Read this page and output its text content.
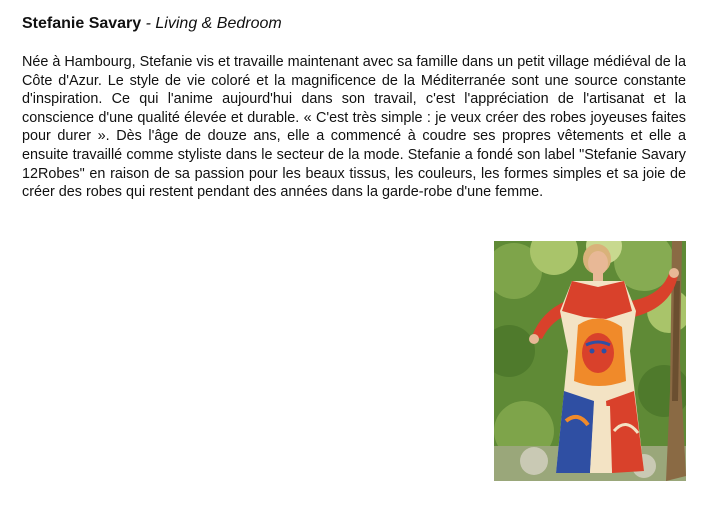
Stefanie Savary - Living & Bedroom

Née à Hambourg, Stefanie vis et travaille maintenant avec sa famille dans un petit village médiéval de la Côte d'Azur. Le style de vie coloré et la magnificence de la Méditerranée sont une source constante d'inspiration. Ce qui l'anime aujourd'hui dans son travail, c'est l'appréciation de l'artisanat et la conscience d'une qualité élevée et durable. « C'est très simple : je veux créer des robes joyeuses faites pour durer ». Dès l'âge de douze ans, elle a commencé à coudre ses propres vêtements et elle a ensuite travaillé comme styliste dans le secteur de la mode. Stefanie a fondé son label "Stefanie Savary 12Robes" en raison de sa passion pour les beaux tissus, les couleurs, les formes simples et sa joie de créer des robes qui restent pendant des années dans la garde-robe d'une femme.
